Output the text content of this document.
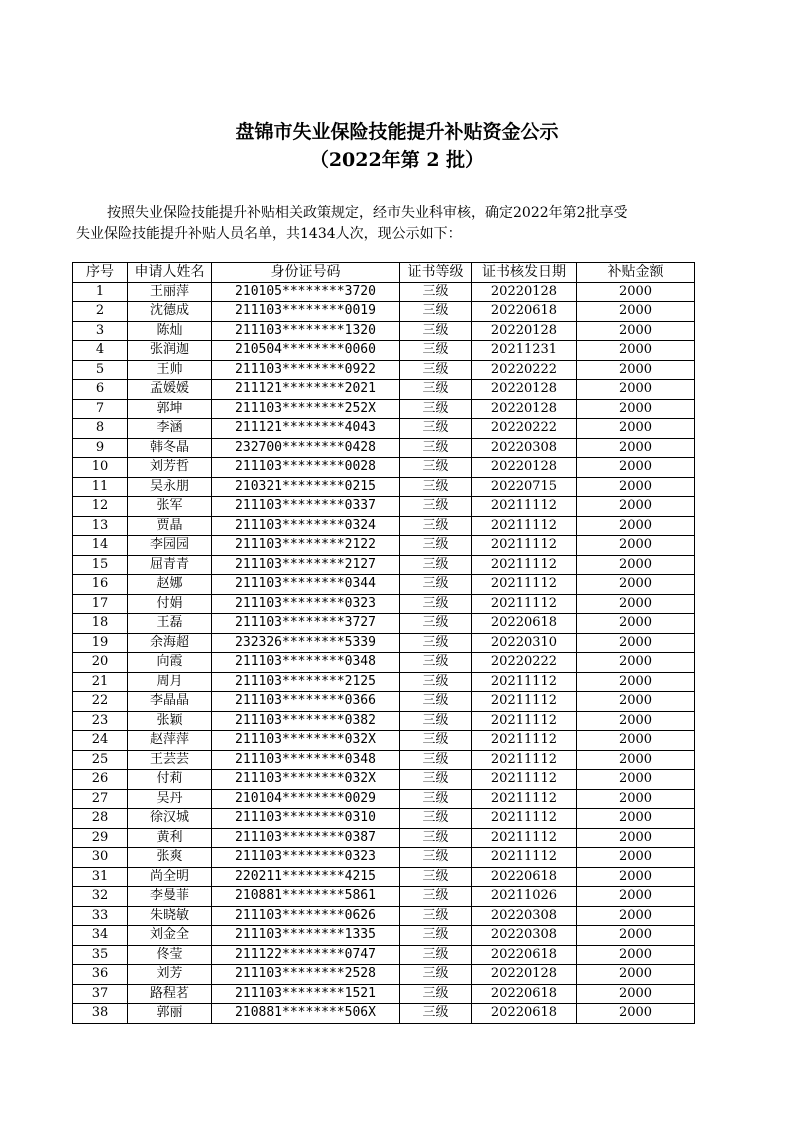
盘锦市失业保险技能提升补贴资金公示
（2022年第 2 批）
按照失业保险技能提升补贴相关政策规定，经市失业科审核，确定2022年第2批享受
失业保险技能提升补贴人员名单，共1434人次，现公示如下：
序号	申请人姓名	身份证号码	证书等级	证书核发日期	补贴金额
1	王丽萍	210105********3720	三级	20220128	2000
2	沈德成	211103********0019	三级	20220618	2000
3	陈灿	211103********1320	三级	20220128	2000
4	张润迦	210504********0060	三级	20211231	2000
5	王帅	211103********0922	三级	20220222	2000
6	孟媛媛	211121********2021	三级	20220128	2000
7	郭坤	211103********252X	三级	20220128	2000
8	李涵	211121********4043	三级	20220222	2000
9	韩冬晶	232700********0428	三级	20220308	2000
10	刘芳哲	211103********0028	三级	20220128	2000
11	吴永朋	210321********0215	三级	20220715	2000
12	张军	211103********0337	三级	20211112	2000
13	贾晶	211103********0324	三级	20211112	2000
14	李园园	211103********2122	三级	20211112	2000
15	屈青青	211103********2127	三级	20211112	2000
16	赵娜	211103********0344	三级	20211112	2000
17	付娟	211103********0323	三级	20211112	2000
18	王磊	211103********3727	三级	20220618	2000
19	余海超	232326********5339	三级	20220310	2000
20	向霞	211103********0348	三级	20220222	2000
21	周月	211103********2125	三级	20211112	2000
22	李晶晶	211103********0366	三级	20211112	2000
23	张颖	211103********0382	三级	20211112	2000
24	赵萍萍	211103********032X	三级	20211112	2000
25	王芸芸	211103********0348	三级	20211112	2000
26	付莉	211103********032X	三级	20211112	2000
27	吴丹	210104********0029	三级	20211112	2000
28	徐汉城	211103********0310	三级	20211112	2000
29	黄利	211103********0387	三级	20211112	2000
30	张爽	211103********0323	三级	20211112	2000
31	尚全明	220211********4215	三级	20220618	2000
32	李曼菲	210881********5861	三级	20211026	2000
33	朱晓敏	211103********0626	三级	20220308	2000
34	刘金全	211103********1335	三级	20220308	2000
35	佟莹	211122********0747	三级	20220618	2000
36	刘芳	211103********2528	三级	20220128	2000
37	路程茗	211103********1521	三级	20220618	2000
38	郭丽	210881********506X	三级	20220618	2000
